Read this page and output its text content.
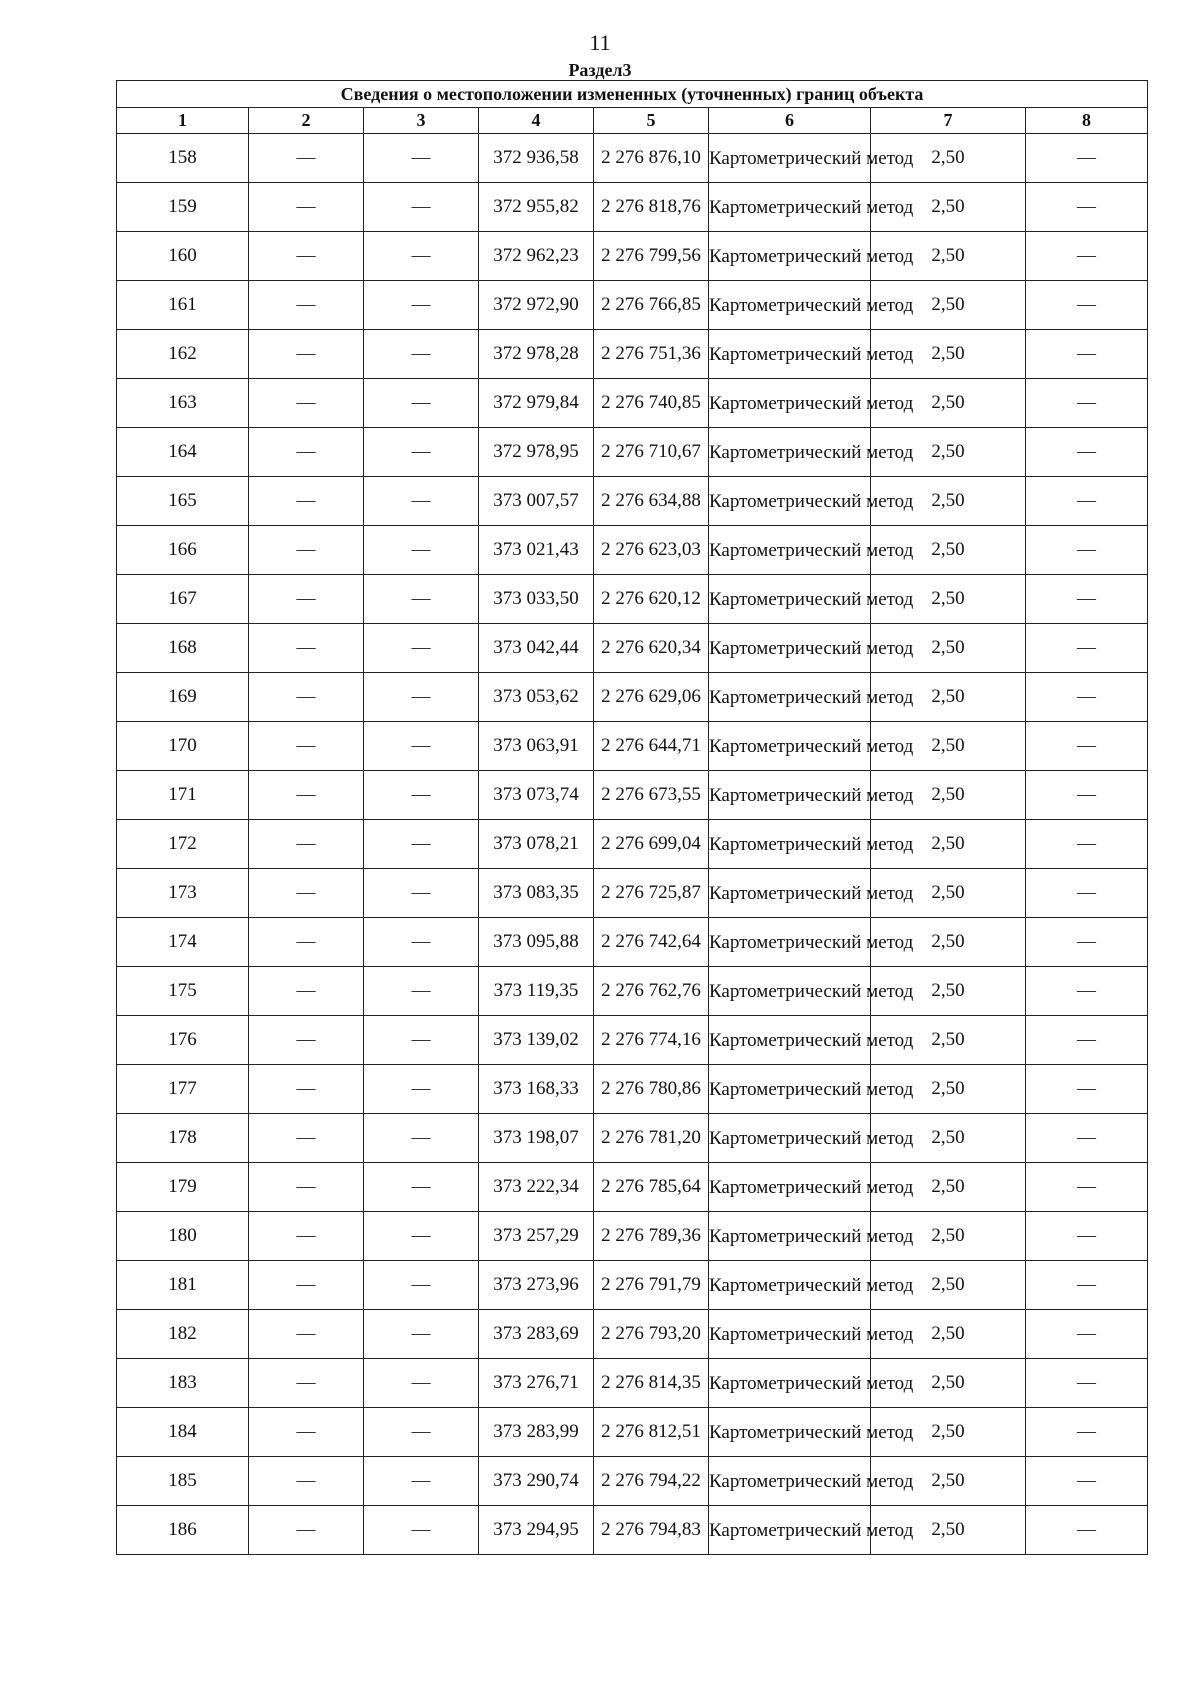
11
Раздел3
Сведения о местоположении измененных (уточненных) границ объекта							
1	2	3	4	5	6	7	8
158	—	—	372 936,58	2 276 876,10	Картометрический метод	2,50	—
159	—	—	372 955,82	2 276 818,76	Картометрический метод	2,50	—
160	—	—	372 962,23	2 276 799,56	Картометрический метод	2,50	—
161	—	—	372 972,90	2 276 766,85	Картометрический метод	2,50	—
162	—	—	372 978,28	2 276 751,36	Картометрический метод	2,50	—
163	—	—	372 979,84	2 276 740,85	Картометрический метод	2,50	—
164	—	—	372 978,95	2 276 710,67	Картометрический метод	2,50	—
165	—	—	373 007,57	2 276 634,88	Картометрический метод	2,50	—
166	—	—	373 021,43	2 276 623,03	Картометрический метод	2,50	—
167	—	—	373 033,50	2 276 620,12	Картометрический метод	2,50	—
168	—	—	373 042,44	2 276 620,34	Картометрический метод	2,50	—
169	—	—	373 053,62	2 276 629,06	Картометрический метод	2,50	—
170	—	—	373 063,91	2 276 644,71	Картометрический метод	2,50	—
171	—	—	373 073,74	2 276 673,55	Картометрический метод	2,50	—
172	—	—	373 078,21	2 276 699,04	Картометрический метод	2,50	—
173	—	—	373 083,35	2 276 725,87	Картометрический метод	2,50	—
174	—	—	373 095,88	2 276 742,64	Картометрический метод	2,50	—
175	—	—	373 119,35	2 276 762,76	Картометрический метод	2,50	—
176	—	—	373 139,02	2 276 774,16	Картометрический метод	2,50	—
177	—	—	373 168,33	2 276 780,86	Картометрический метод	2,50	—
178	—	—	373 198,07	2 276 781,20	Картометрический метод	2,50	—
179	—	—	373 222,34	2 276 785,64	Картометрический метод	2,50	—
180	—	—	373 257,29	2 276 789,36	Картометрический метод	2,50	—
181	—	—	373 273,96	2 276 791,79	Картометрический метод	2,50	—
182	—	—	373 283,69	2 276 793,20	Картометрический метод	2,50	—
183	—	—	373 276,71	2 276 814,35	Картометрический метод	2,50	—
184	—	—	373 283,99	2 276 812,51	Картометрический метод	2,50	—
185	—	—	373 290,74	2 276 794,22	Картометрический метод	2,50	—
186	—	—	373 294,95	2 276 794,83	Картометрический метод	2,50	—
